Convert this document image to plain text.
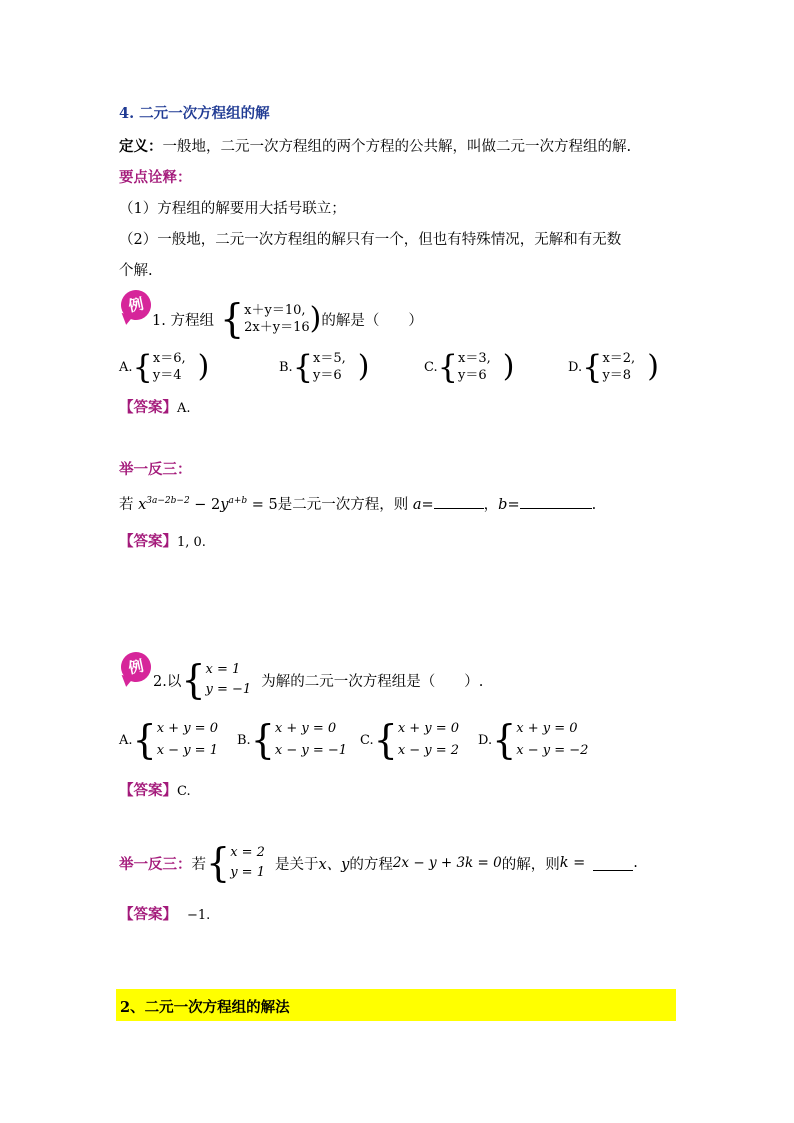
4. 二元一次方程组的解
定义：一般地，二元一次方程组的两个方程的公共解，叫做二元一次方程组的解.
要点诠释：
（1）方程组的解要用大括号联立；
（2）一般地，二元一次方程组的解只有一个，但也有特殊情况，无解和有无数
个解.
例
1. 方程组 { x＋y＝10,
2x＋y＝16 ) 的解是（　　）
A. { x＝6,
y＝4 )	B. { x＝5,
y＝6 )	C. { x＝3,
y＝6 )	D. { x＝2,
y＝8 )
【答案】A.
举一反三：
若 $x^{3a-2b-2} - 2y^{a+b} = 5$是二元一次方程，则 a=	，b=	.
【答案】1, 0.
例
2.以 { x = 1
y = −1 为解的二元一次方程组是（　　）.
A. { x + y = 0
x − y = 1
B. { x + y = 0
x − y = −1
C. { x + y = 0
x − y = 2
D. { x + y = 0
x − y = −2
【答案】C.
举一反三： 若 { x = 2
y = 1 是关于 x、y 的方程 2x − y + 3k = 0 的解，则 k =	.
【答案】 −1.
2、二元一次方程组的解法
